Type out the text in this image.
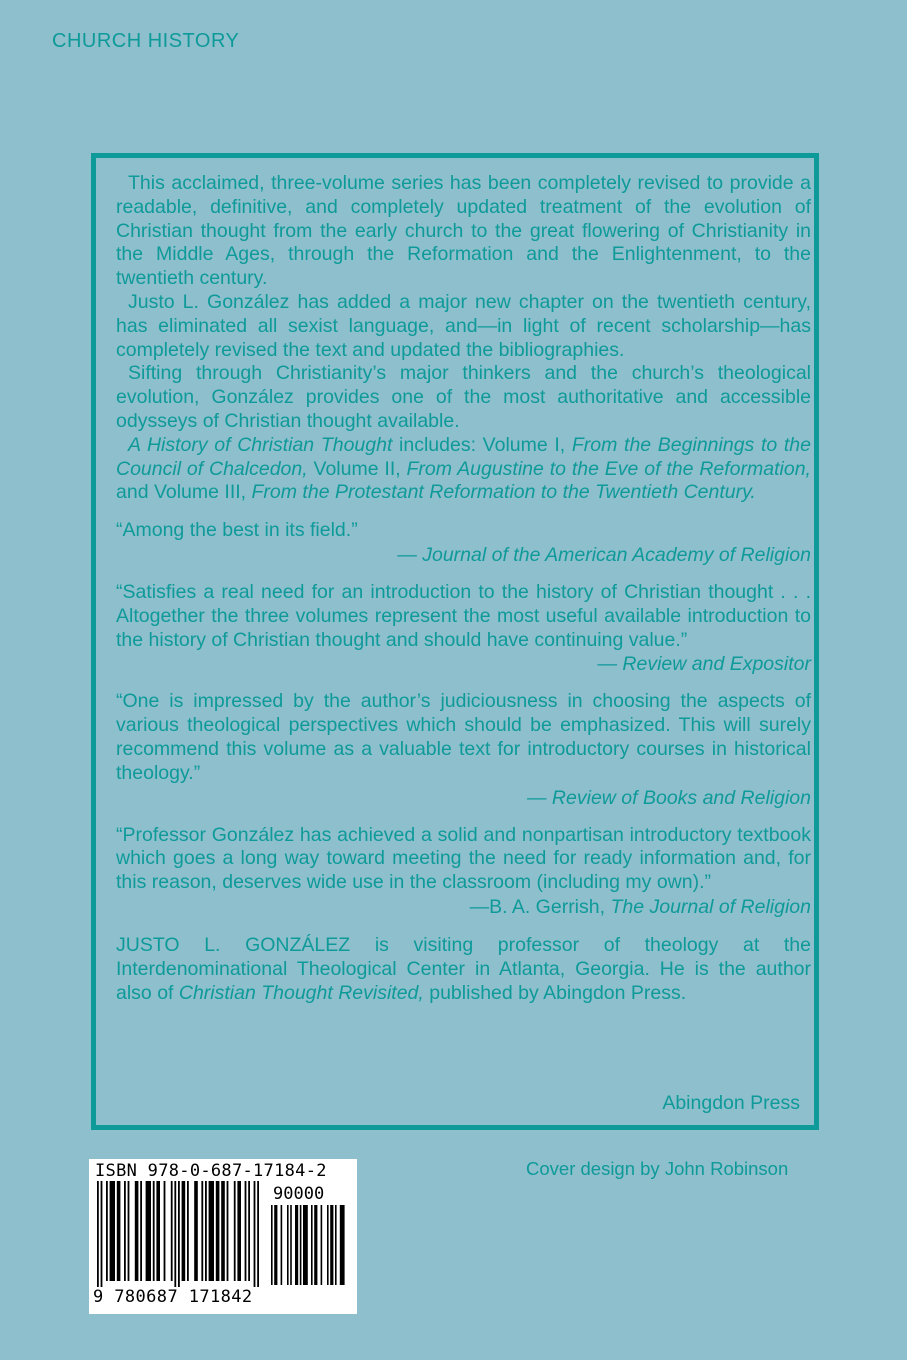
CHURCH HISTORY

This acclaimed, three-volume series has been completely revised to provide a readable, definitive, and completely updated treatment of the evolution of Christian thought from the early church to the great flowering of Christianity in the Middle Ages, through the Reformation and the Enlightenment, to the twentieth century.

Justo L. González has added a major new chapter on the twentieth century, has eliminated all sexist language, and—in light of recent scholarship—has completely revised the text and updated the bibliographies.

Sifting through Christianity’s major thinkers and the church’s theological evolution, González provides one of the most authoritative and accessible odysseys of Christian thought available.

A History of Christian Thought includes: Volume I, From the Beginnings to the Council of Chalcedon, Volume II, From Augustine to the Eve of the Reformation, and Volume III, From the Protestant Reformation to the Twentieth Century.

“Among the best in its field.”

— Journal of the American Academy of Religion

“Satisfies a real need for an introduction to the history of Christian thought . . . Altogether the three volumes represent the most useful available introduction to the history of Christian thought and should have continuing value.”

— Review and Expositor

“One is impressed by the author’s judiciousness in choosing the aspects of various theological perspectives which should be emphasized. This will surely recommend this volume as a valuable text for introductory courses in historical theology.”

— Review of Books and Religion

“Professor González has achieved a solid and nonpartisan introductory textbook which goes a long way toward meeting the need for ready information and, for this reason, deserves wide use in the classroom (including my own).”

—B. A. Gerrish, The Journal of Religion
JUSTO L. GONZÁLEZ is visiting professor of theology at the Interdenominational Theological Center in Atlanta, Georgia. He is the author also of Christian Thought Revisited, published by Abingdon Press.
Abingdon Press
Cover design by John Robinson
ISBN 978-0-687-17184-2
90000
9 780687 171842
